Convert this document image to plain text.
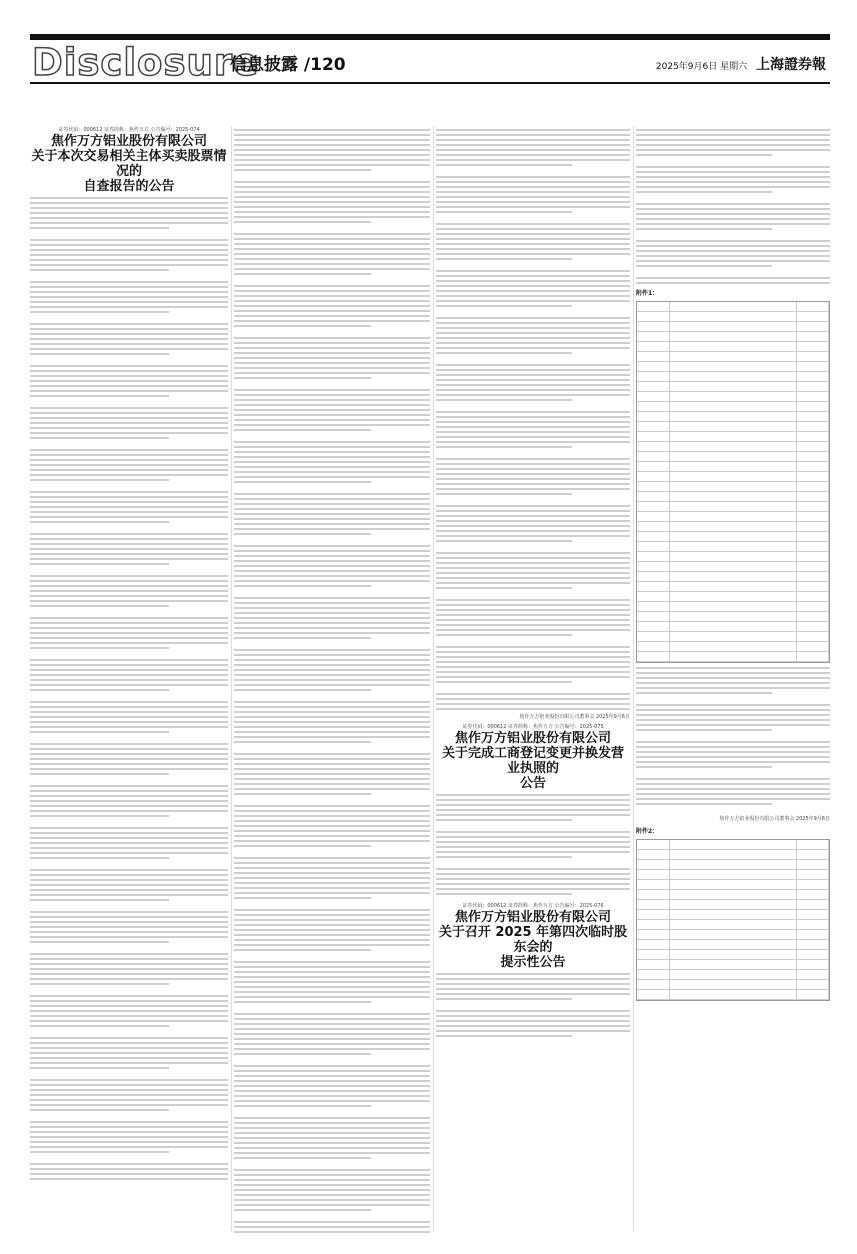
Disclosure
信息披露 /120	2025年9月6日 星期六 上海證券報
证券代码：000612 证券简称：焦作万方 公告编号：2025-074
焦作万方铝业股份有限公司
关于本次交易相关主体买卖股票情况的
自查报告的公告
焦作万方铝业股份有限公司董事会 2025年9月6日
证券代码：000612 证券简称：焦作万方 公告编号：2025-075
焦作万方铝业股份有限公司
关于完成工商登记变更并换发营业执照的
公告
证券代码：000612 证券简称：焦作万方 公告编号：2025-076
焦作万方铝业股份有限公司
关于召开 2025 年第四次临时股东会的
提示性公告
附件1：
焦作万方铝业股份有限公司董事会 2025年9月6日
附件2：
